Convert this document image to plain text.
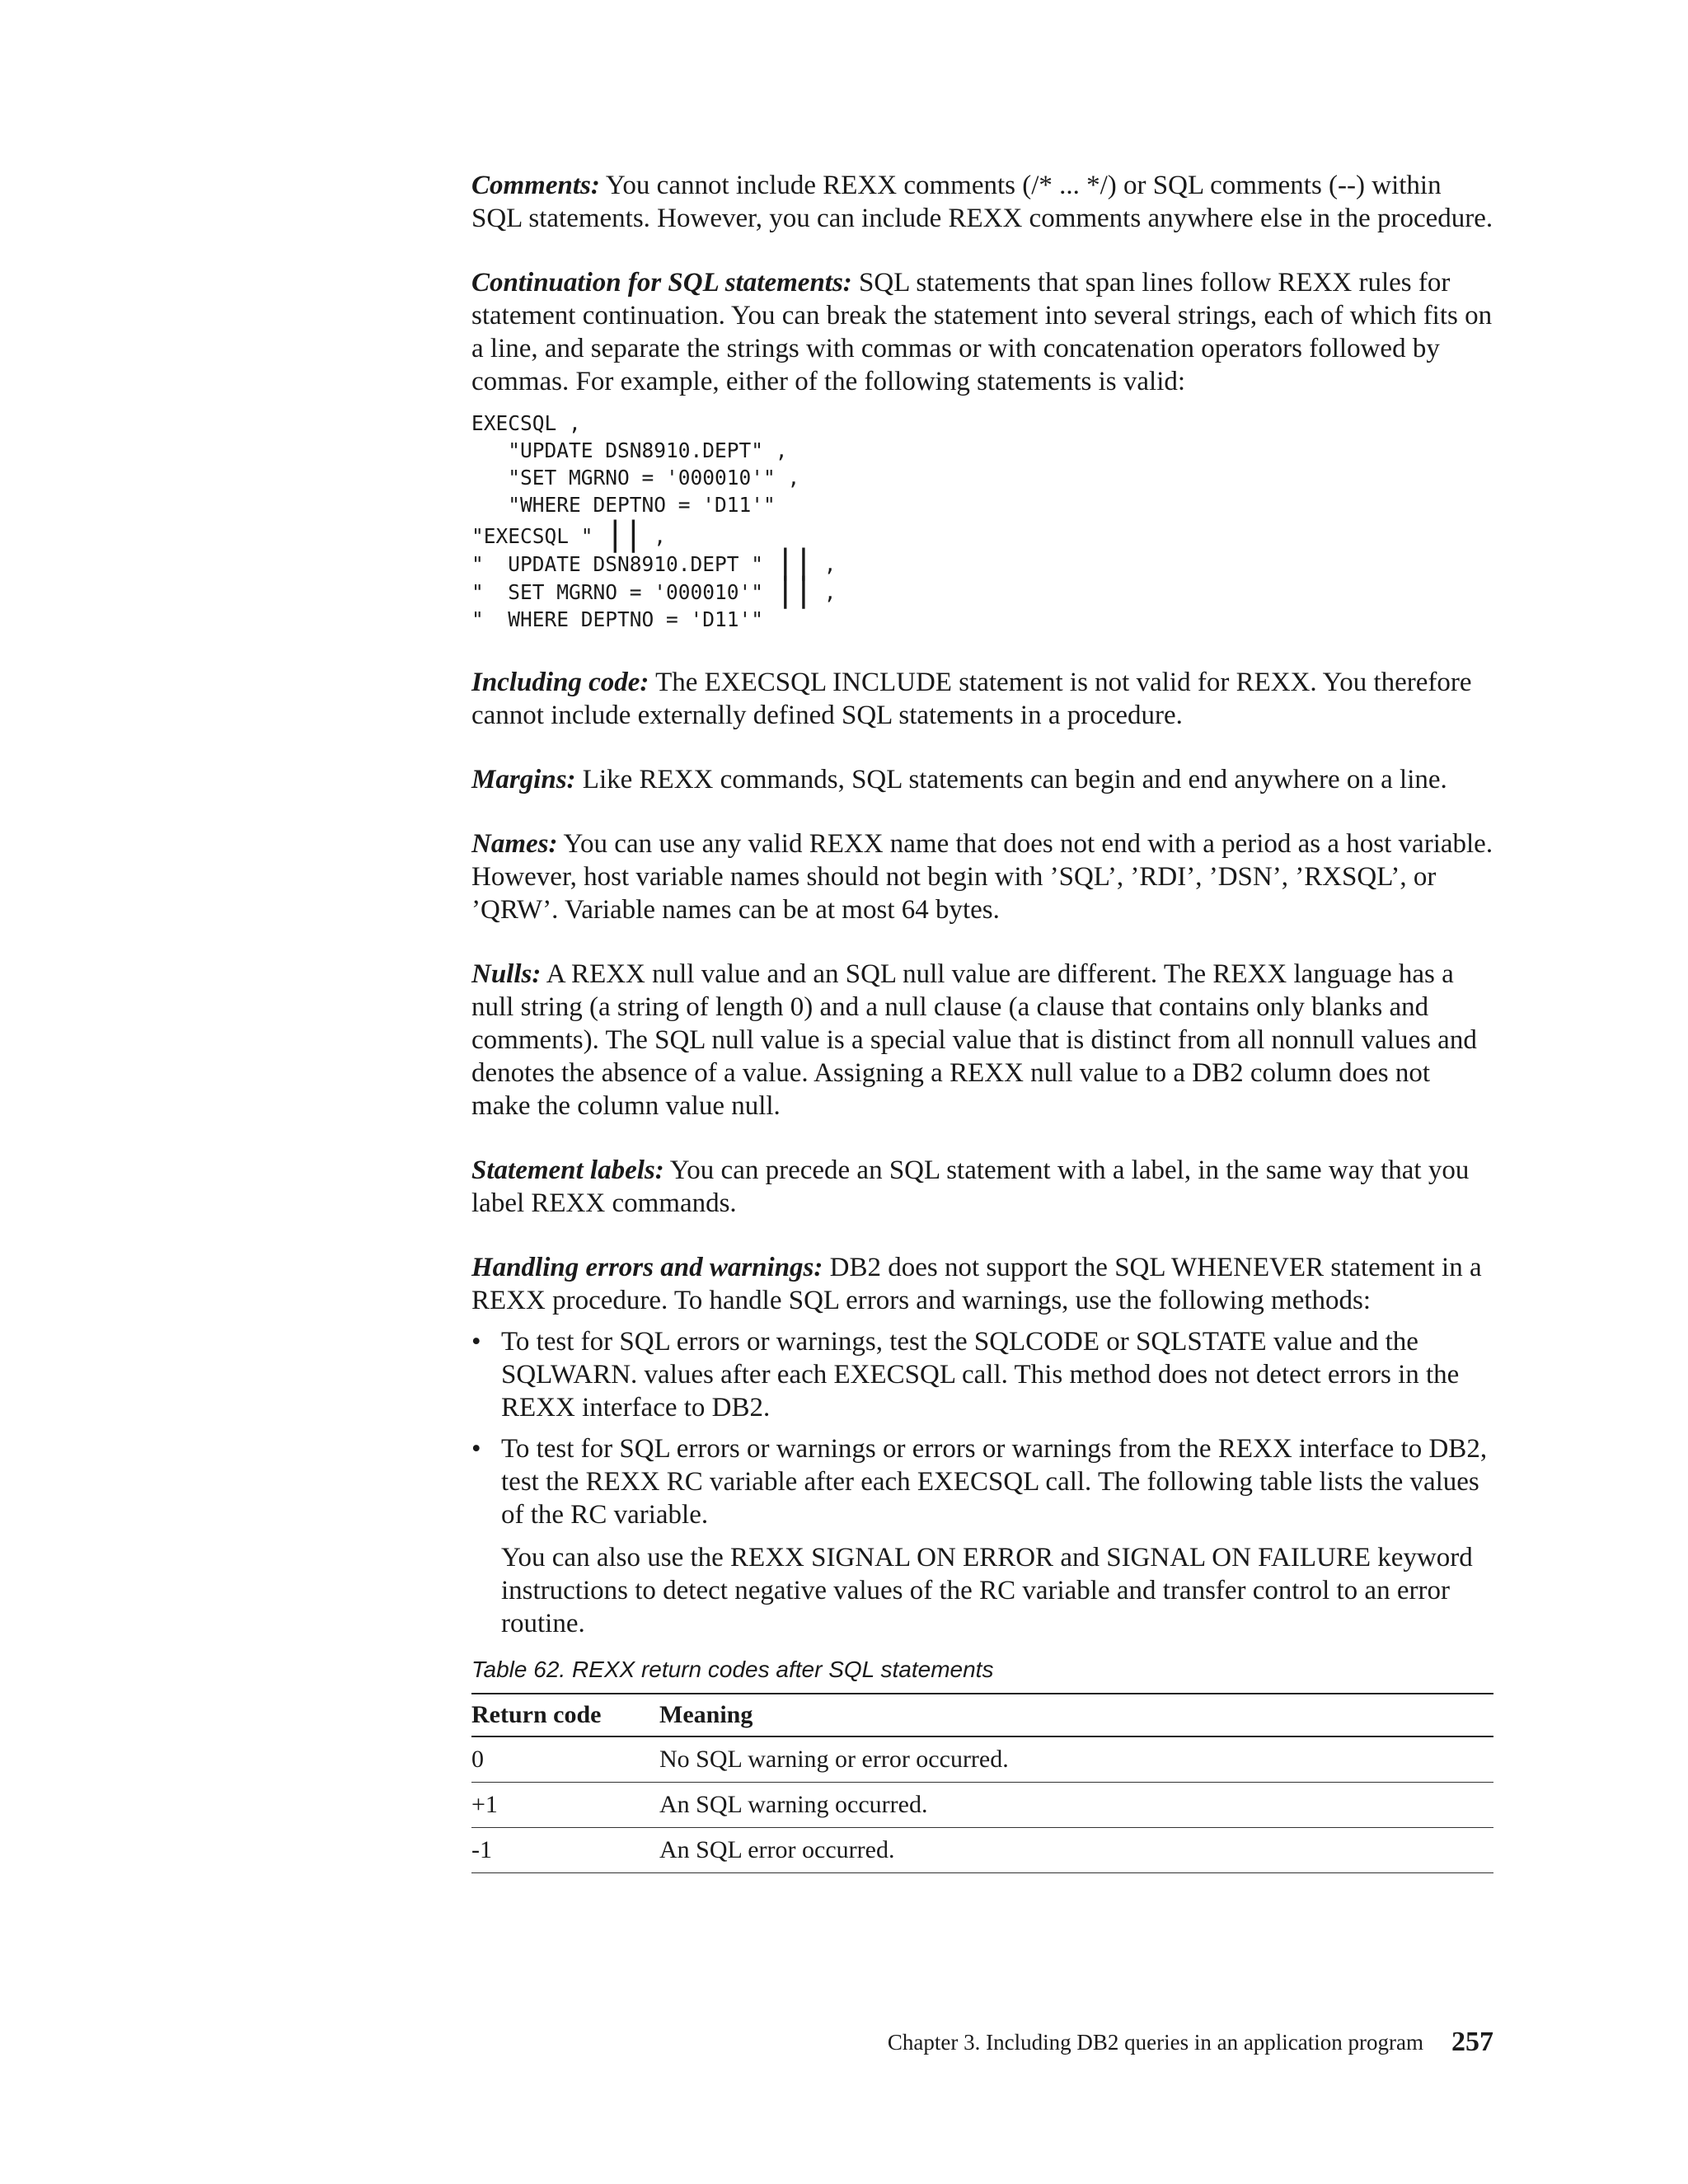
Comments: You cannot include REXX comments (/* ... */) or SQL comments (--) within SQL statements. However, you can include REXX comments anywhere else in the procedure.

Continuation for SQL statements: SQL statements that span lines follow REXX rules for statement continuation. You can break the statement into several strings, each of which fits on a line, and separate the strings with commas or with concatenation operators followed by commas. For example, either of the following statements is valid:

EXECSQL ,
"UPDATE DSN8910.DEPT" ,
"SET MGRNO = '000010'" ,
"WHERE DEPTNO = 'D11'"
"EXECSQL " || ,
"  UPDATE DSN8910.DEPT " || ,
"  SET MGRNO = '000010'" || ,
"  WHERE DEPTNO = 'D11'"

Including code: The EXECSQL INCLUDE statement is not valid for REXX. You therefore cannot include externally defined SQL statements in a procedure.

Margins: Like REXX commands, SQL statements can begin and end anywhere on a line.

Names: You can use any valid REXX name that does not end with a period as a host variable. However, host variable names should not begin with ’SQL’, ’RDI’, ’DSN’, ’RXSQL’, or ’QRW’. Variable names can be at most 64 bytes.

Nulls: A REXX null value and an SQL null value are different. The REXX language has a null string (a string of length 0) and a null clause (a clause that contains only blanks and comments). The SQL null value is a special value that is distinct from all nonnull values and denotes the absence of a value. Assigning a REXX null value to a DB2 column does not make the column value null.

Statement labels: You can precede an SQL statement with a label, in the same way that you label REXX commands.

Handling errors and warnings: DB2 does not support the SQL WHENEVER statement in a REXX procedure. To handle SQL errors and warnings, use the following methods:

• To test for SQL errors or warnings, test the SQLCODE or SQLSTATE value and the SQLWARN. values after each EXECSQL call. This method does not detect errors in the REXX interface to DB2.
• To test for SQL errors or warnings or errors or warnings from the REXX interface to DB2, test the REXX RC variable after each EXECSQL call. The following table lists the values of the RC variable.
You can also use the REXX SIGNAL ON ERROR and SIGNAL ON FAILURE keyword instructions to detect negative values of the RC variable and transfer control to an error routine.
Table 62. REXX return codes after SQL statements
Return code	Meaning
0	No SQL warning or error occurred.
+1	An SQL warning occurred.
-1	An SQL error occurred.
Chapter 3. Including DB2 queries in an application program 257
